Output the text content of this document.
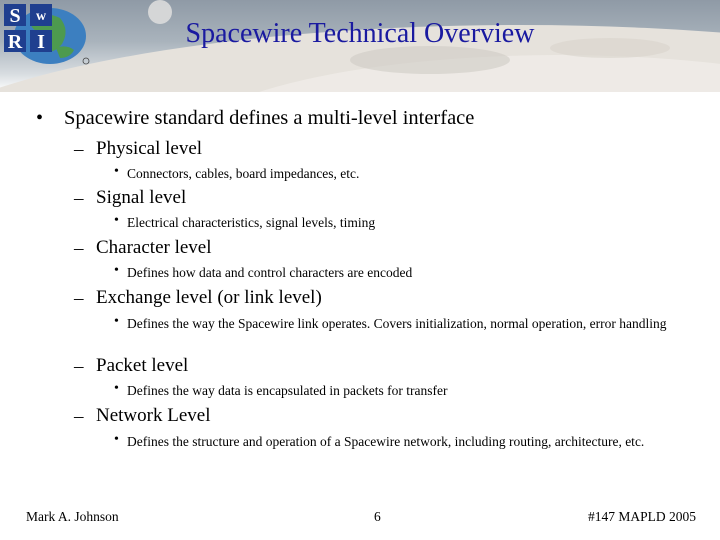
S w
R I	Spacewire Technical Overview
• Spacewire standard defines a multi-level interface
– Physical level
• Connectors, cables, board impedances, etc.
– Signal level
• Electrical characteristics, signal levels, timing
– Character level
• Defines how data and control characters are encoded
– Exchange level (or link level)
• Defines the way the Spacewire link operates. Covers initialization, normal operation, error handling
– Packet level
• Defines the way data is encapsulated in packets for transfer
– Network Level
• Defines the structure and operation of a Spacewire network, including routing, architecture, etc.
Mark A. Johnson	6	#147 MAPLD 2005
